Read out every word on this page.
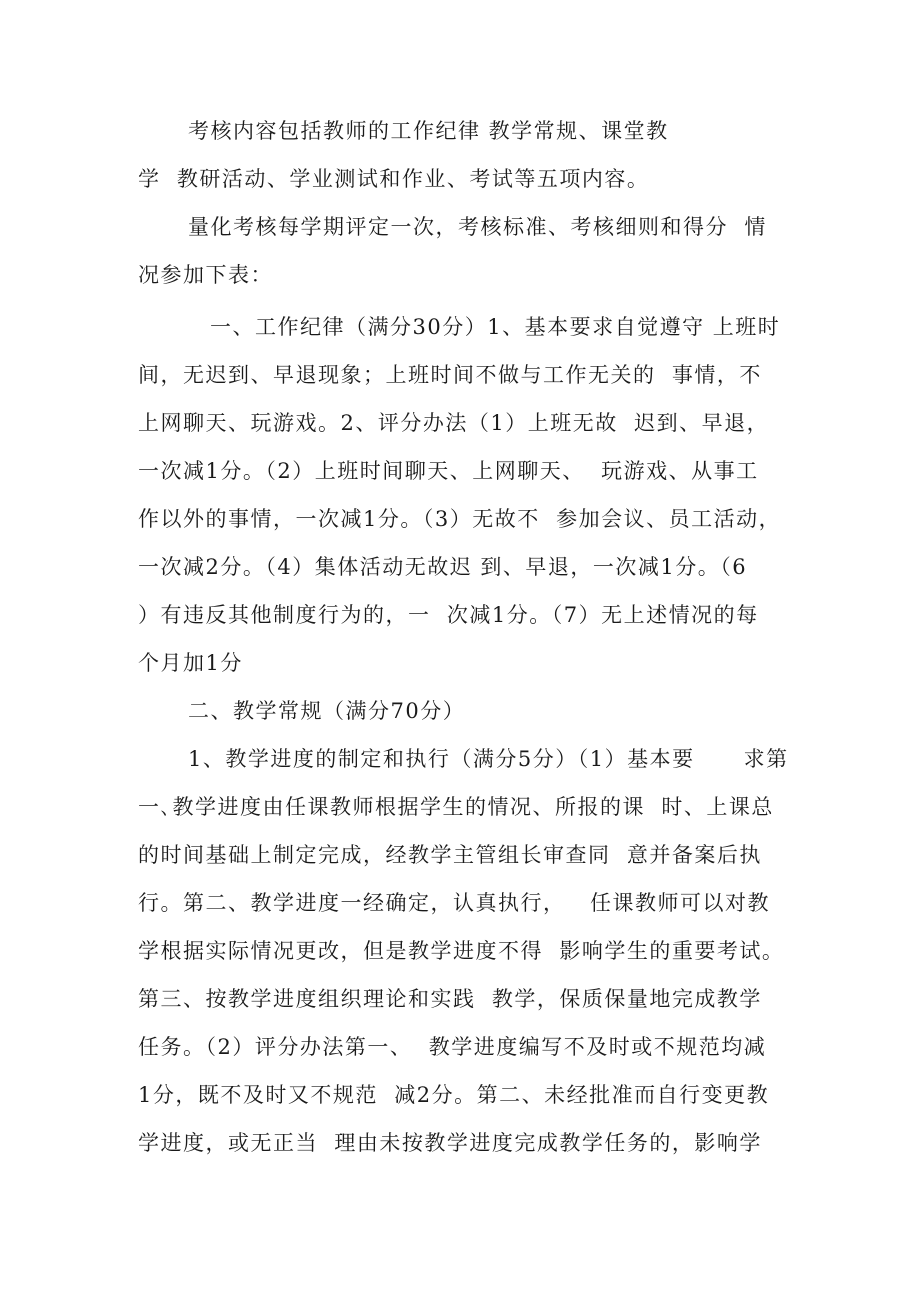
考核内容包括教师的工作纪律 教学常规、课堂教
学  教研活动、学业测试和作业、考试等五项内容。
量化考核每学期评定一次，考核标准、考核细则和得分  情
况参加下表：
一、工作纪律（满分30分）1、基本要求自觉遵守 上班时
间，无迟到、早退现象；上班时间不做与工作无关的  事情，不
上网聊天、玩游戏。2、评分办法（1）上班无故  迟到、早退，
一次减1分。（2）上班时间聊天、上网聊天、  玩游戏、从事工
作以外的事情，一次减1分。（3）无故不  参加会议、员工活动，
一次减2分。（4）集体活动无故迟 到、早退，一次减1分。（6
）有违反其他制度行为的，一  次减1分。（7）无上述情况的每
个月加1分
二、教学常规（满分70分）
1、教学进度的制定和执行（满分5分）（1）基本要      求第
一､教学进度由任课教师根据学生的情况、所报的课  时、上课总
的时间基础上制定完成，经教学主管组长审查同  意并备案后执
行。第二、教学进度一经确定，认真执行，   任课教师可以对教
学根据实际情况更改，但是教学进度不得  影响学生的重要考试。
第三、按教学进度组织理论和实践  教学，保质保量地完成教学
任务。（2）评分办法第一、  教学进度编写不及时或不规范均减
1分，既不及时又不规范  减2分。第二、未经批准而自行变更教
学进度，或无正当  理由未按教学进度完成教学任务的，影响学
